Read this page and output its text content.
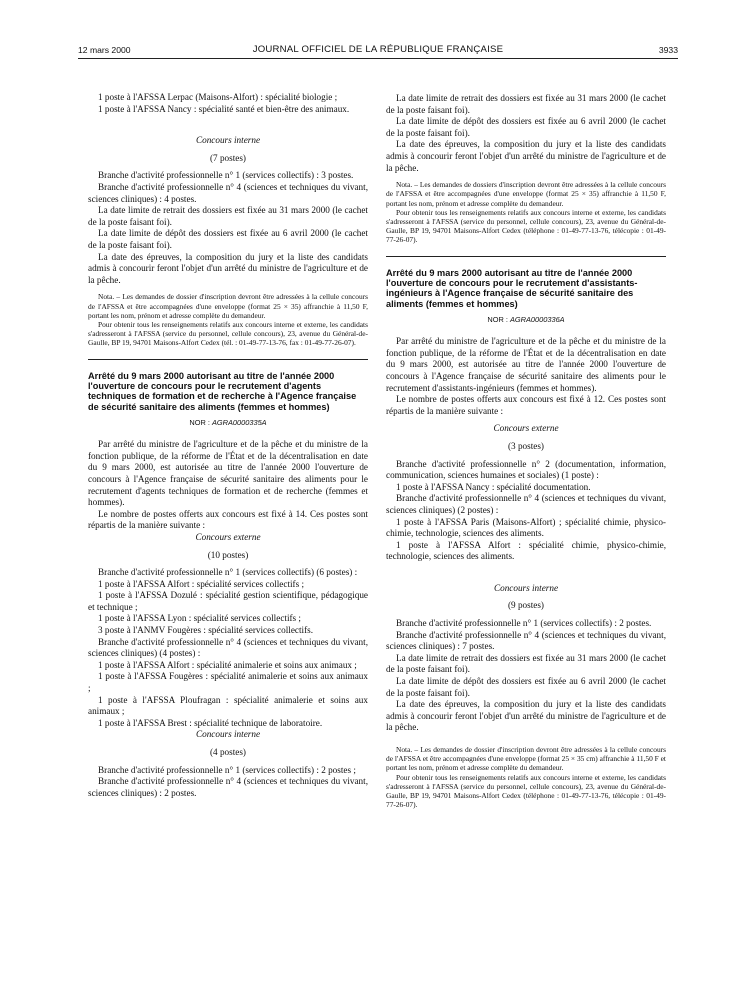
12 mars 2000	JOURNAL OFFICIEL DE LA RÉPUBLIQUE FRANÇAISE	3933

1 poste à l'AFSSA Lerpac (Maisons-Alfort) : spécialité biologie ;

1 poste à l'AFSSA Nancy : spécialité santé et bien-être des animaux.

Concours interne
(7 postes)

Branche d'activité professionnelle n° 1 (services collectifs) : 3 postes.

Branche d'activité professionnelle n° 4 (sciences et techniques du vivant, sciences cliniques) : 4 postes.

La date limite de retrait des dossiers est fixée au 31 mars 2000 (le cachet de la poste faisant foi).

La date limite de dépôt des dossiers est fixée au 6 avril 2000 (le cachet de la poste faisant foi).

La date des épreuves, la composition du jury et la liste des candidats admis à concourir feront l'objet d'un arrêté du ministre de l'agriculture et de la pêche.

Nota. – Les demandes de dossier d'inscription devront être adressées à la cellule concours de l'AFSSA et être accompagnées d'une enveloppe (format 25 × 35) affranchie à 11,50 F, portant les nom, prénom et adresse complète du demandeur.

Pour obtenir tous les renseignements relatifs aux concours interne et externe, les candidats s'adresseront à l'AFSSA (service du personnel, cellule concours), 23, avenue du Général-de-Gaulle, BP 19, 94701 Maisons-Alfort Cedex (tél. : 01-49-77-13-76, fax : 01-49-77-26-07).

Arrêté du 9 mars 2000 autorisant au titre de l'année 2000 l'ouverture de concours pour le recrutement d'agents techniques de formation et de recherche à l'Agence française de sécurité sanitaire des aliments (femmes et hommes)
NOR : AGRA0000335A

Par arrêté du ministre de l'agriculture et de la pêche et du ministre de la fonction publique, de la réforme de l'État et de la décentralisation en date du 9 mars 2000, est autorisée au titre de l'année 2000 l'ouverture de concours à l'Agence française de sécurité sanitaire des aliments pour le recrutement d'agents techniques de formation et de recherche (femmes et hommes).

Le nombre de postes offerts aux concours est fixé à 14. Ces postes sont répartis de la manière suivante :

Concours externe
(10 postes)

Branche d'activité professionnelle n° 1 (services collectifs) (6 postes) :

1 poste à l'AFSSA Alfort : spécialité services collectifs ;

1 poste à l'AFSSA Dozulé : spécialité gestion scientifique, pédagogique et technique ;

1 poste à l'AFSSA Lyon : spécialité services collectifs ;

3 poste à l'ANMV Fougères : spécialité services collectifs.

Branche d'activité professionnelle n° 4 (sciences et techniques du vivant, sciences cliniques) (4 postes) :

1 poste à l'AFSSA Alfort : spécialité animalerie et soins aux animaux ;

1 poste à l'AFSSA Fougères : spécialité animalerie et soins aux animaux ;

1 poste à l'AFSSA Ploufragan : spécialité animalerie et soins aux animaux ;

1 poste à l'AFSSA Brest : spécialité technique de laboratoire.

Concours interne
(4 postes)

Branche d'activité professionnelle n° 1 (services collectifs) : 2 postes ;

Branche d'activité professionnelle n° 4 (sciences et techniques du vivant, sciences cliniques) : 2 postes.

La date limite de retrait des dossiers est fixée au 31 mars 2000 (le cachet de la poste faisant foi).

La date limite de dépôt des dossiers est fixée au 6 avril 2000 (le cachet de la poste faisant foi).

La date des épreuves, la composition du jury et la liste des candidats admis à concourir feront l'objet d'un arrêté du ministre de l'agriculture et de la pêche.

Nota. – Les demandes de dossiers d'inscription devront être adressées à la cellule concours de l'AFSSA et être accompagnées d'une enveloppe (format 25 × 35) affranchie à 11,50 F, portant les nom, prénom et adresse complète du demandeur.

Pour obtenir tous les renseignements relatifs aux concours interne et externe, les candidats s'adresseront à l'AFSSA (service du personnel, cellule concours), 23, avenue du Général-de-Gaulle, BP 19, 94701 Maisons-Alfort Cedex (téléphone : 01-49-77-13-76, télécopie : 01-49-77-26-07).

Arrêté du 9 mars 2000 autorisant au titre de l'année 2000 l'ouverture de concours pour le recrutement d'assistants-ingénieurs à l'Agence française de sécurité sanitaire des aliments (femmes et hommes)
NOR : AGRA0000336A

Par arrêté du ministre de l'agriculture et de la pêche et du ministre de la fonction publique, de la réforme de l'État et de la décentralisation en date du 9 mars 2000, est autorisée au titre de l'année 2000 l'ouverture de concours à l'Agence française de sécurité sanitaire des aliments pour le recrutement d'assistants-ingénieurs (femmes et hommes).

Le nombre de postes offerts aux concours est fixé à 12. Ces postes sont répartis de la manière suivante :

Concours externe
(3 postes)

Branche d'activité professionnelle n° 2 (documentation, information, communication, sciences humaines et sociales) (1 poste) :

1 poste à l'AFSSA Nancy : spécialité documentation.

Branche d'activité professionnelle n° 4 (sciences et techniques du vivant, sciences cliniques) (2 postes) :

1 poste à l'AFSSA Paris (Maisons-Alfort) ; spécialité chimie, physico-chimie, technologie, sciences des aliments.

1 poste à l'AFSSA Alfort : spécialité chimie, physico-chimie, technologie, sciences des aliments.

Concours interne
(9 postes)

Branche d'activité professionnelle n° 1 (services collectifs) : 2 postes.

Branche d'activité professionnelle n° 4 (sciences et techniques du vivant, sciences cliniques) : 7 postes.

La date limite de retrait des dossiers est fixée au 31 mars 2000 (le cachet de la poste faisant foi).

La date limite de dépôt des dossiers est fixée au 6 avril 2000 (le cachet de la poste faisant foi).

La date des épreuves, la composition du jury et la liste des candidats admis à concourir feront l'objet d'un arrêté du ministre de l'agriculture et de la pêche.

Nota. – Les demandes de dossier d'inscription devront être adressées à la cellule concours de l'AFSSA et être accompagnées d'une enveloppe (format 25 × 35 cm) affranchie à 11,50 F et portant les nom, prénom et adresse complète du demandeur.

Pour obtenir tous les renseignements relatifs aux concours interne et externe, les candidats s'adresseront à l'AFSSA (service du personnel, cellule concours), 23, avenue du Général-de-Gaulle, BP 19, 94701 Maisons-Alfort Cedex (téléphone : 01-49-77-13-76, télécopie : 01-49-77-26-07).
